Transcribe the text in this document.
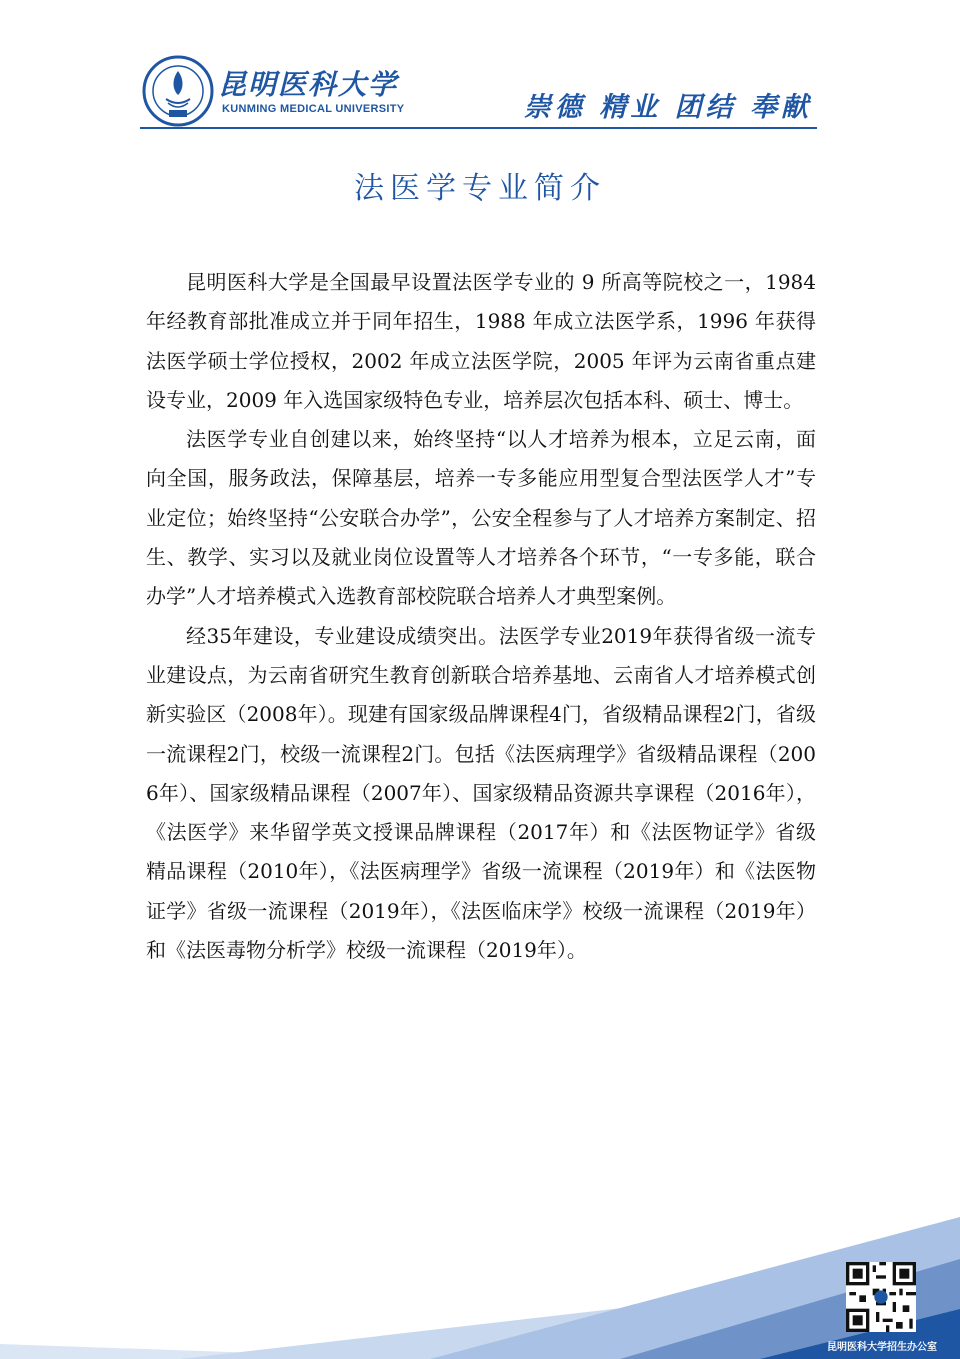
昆明医科大学
KUNMING MEDICAL UNIVERSITY	崇德 精业 团结 奉献
法医学专业简介

昆明医科大学是全国最早设置法医学专业的 9 所高等院校之一，1984 年经教育部批准成立并于同年招生，1988 年成立法医学系，1996 年获得法医学硕士学位授权，2002 年成立法医学院，2005 年评为云南省重点建设专业，2009 年入选国家级特色专业，培养层次包括本科、硕士、博士。

法医学专业自创建以来，始终坚持“以人才培养为根本，立足云南，面向全国，服务政法，保障基层，培养一专多能应用型复合型法医学人才”专业定位；始终坚持“公安联合办学”，公安全程参与了人才培养方案制定、招生、教学、实习以及就业岗位设置等人才培养各个环节，“一专多能，联合办学”人才培养模式入选教育部校院联合培养人才典型案例。

经35年建设，专业建设成绩突出。法医学专业2019年获得省级一流专业建设点，为云南省研究生教育创新联合培养基地、云南省人才培养模式创新实验区（2008年）。现建有国家级品牌课程4门，省级精品课程2门，省级一流课程2门，校级一流课程2门。包括《法医病理学》省级精品课程（2006年）、国家级精品课程（2007年）、国家级精品资源共享课程（2016年），《法医学》来华留学英文授课品牌课程（2017年）和《法医物证学》省级精品课程（2010年），《法医病理学》省级一流课程（2019年）和《法医物证学》省级一流课程（2019年），《法医临床学》校级一流课程（2019年）和《法医毒物分析学》校级一流课程（2019年）。

昆明医科大学招生办公室
